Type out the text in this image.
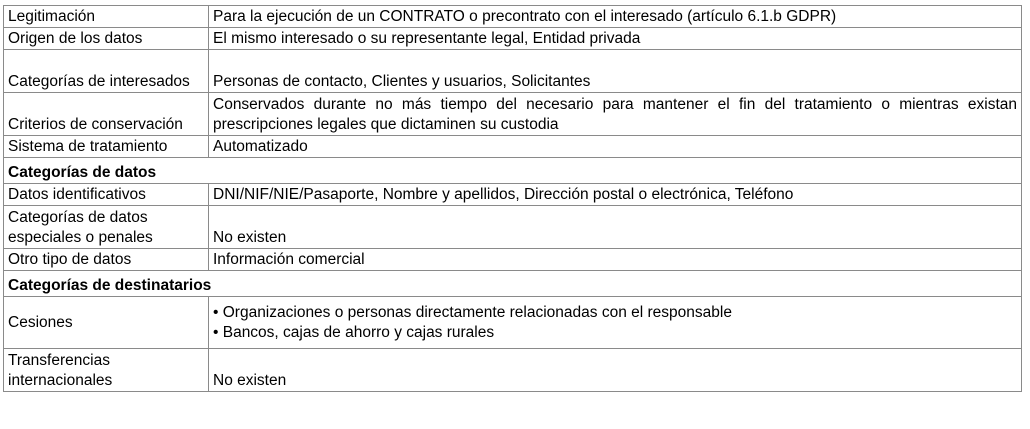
Legitimación	Para la ejecución de un CONTRATO o precontrato con el interesado (artículo 6.1.b GDPR)
Origen de los datos	El mismo interesado o su representante legal, Entidad privada
Categorías de interesados	Personas de contacto, Clientes y usuarios, Solicitantes
Criterios de conservación	Conservados durante no más tiempo del necesario para mantener el fin del tratamiento o mientras existan prescripciones legales que dictaminen su custodia
Sistema de tratamiento	Automatizado
Categorías de datos	
Datos identificativos	DNI/NIF/NIE/Pasaporte, Nombre y apellidos, Dirección postal o electrónica, Teléfono
Categorías de datos especiales o penales	No existen
Otro tipo de datos	Información comercial
Categorías de destinatarios	
Cesiones	• Organizaciones o personas directamente relacionadas con el responsable
• Bancos, cajas de ahorro y cajas rurales

Transferencias internacionales	No existen
